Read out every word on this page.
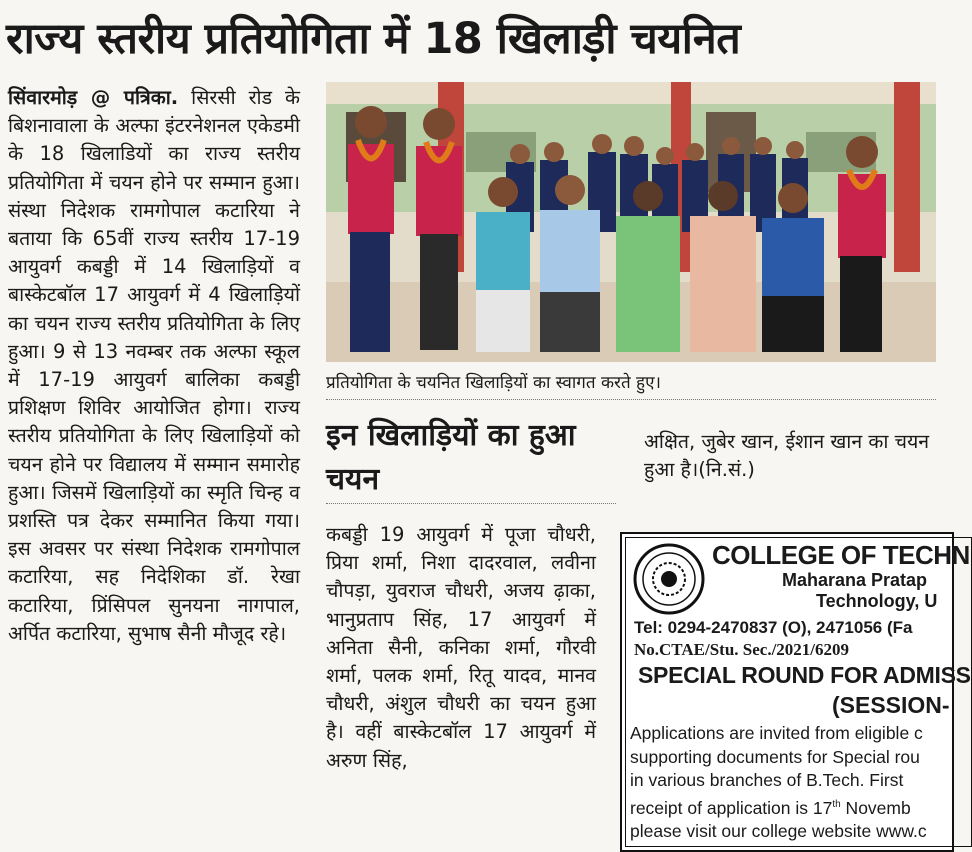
राज्य स्तरीय प्रतियोगिता में 18 खिलाड़ी चयनित
सिंवारमोड़ @ पत्रिका. सिरसी रोड के बिशनावाला के अल्फा इंटरनेशनल एकेडमी के 18 खिलाडियों का राज्य स्तरीय प्रतियोगिता में चयन होने पर सम्मान हुआ। संस्था निदेशक रामगोपाल कटारिया ने बताया कि 65वीं राज्य स्तरीय 17-19 आयुवर्ग कबड्डी में 14 खिलाड़ियों व बास्केटबॉल 17 आयुवर्ग में 4 खिलाड़ियों का चयन राज्य स्तरीय प्रतियोगिता के लिए हुआ। 9 से 13 नवम्बर तक अल्फा स्कूल में 17-19 आयुवर्ग बालिका कबड्डी प्रशिक्षण शिविर आयोजित होगा। राज्य स्तरीय प्रतियोगिता के लिए खिलाड़ियों को चयन होने पर विद्यालय में सम्मान समारोह हुआ। जिसमें खिलाड़ियों का स्मृति चिन्ह व प्रशस्ति पत्र देकर सम्मानित किया गया। इस अवसर पर संस्था निदेशक रामगोपाल कटारिया, सह निदेशिका डॉ. रेखा कटारिया, प्रिंसिपल सुनयना नागपाल, अर्पित कटारिया, सुभाष सैनी मौजूद रहे।
प्रतियोगिता के चयनित खिलाड़ियों का स्वागत करते हुए।
इन खिलाड़ियों का हुआ चयन
कबड्डी 19 आयुवर्ग में पूजा चौधरी, प्रिया शर्मा, निशा दादरवाल, लवीना चौपड़ा, युवराज चौधरी, अजय ढ़ाका, भानुप्रताप सिंह, 17 आयुवर्ग में अनिता सैनी, कनिका शर्मा, गौरवी शर्मा, पलक शर्मा, रितू यादव, मानव चौधरी, अंशुल चौधरी का चयन हुआ है। वहीं बास्केटबॉल 17 आयुवर्ग में अरुण सिंह,
अक्षित, जुबेर खान, ईशान खान का चयन हुआ है।(नि.सं.)
COLLEGE OF TECHN
Maharana Pratap
Technology, U
Tel: 0294-2470837 (O), 2471056 (Fa
No.CTAE/Stu. Sec./2021/6209
SPECIAL ROUND FOR ADMISS
(SESSION-
Applications are invited from eligible c
supporting documents for Special rou
in various branches of B.Tech. First
receipt of application is 17th Novemb
please visit our college website www.c
